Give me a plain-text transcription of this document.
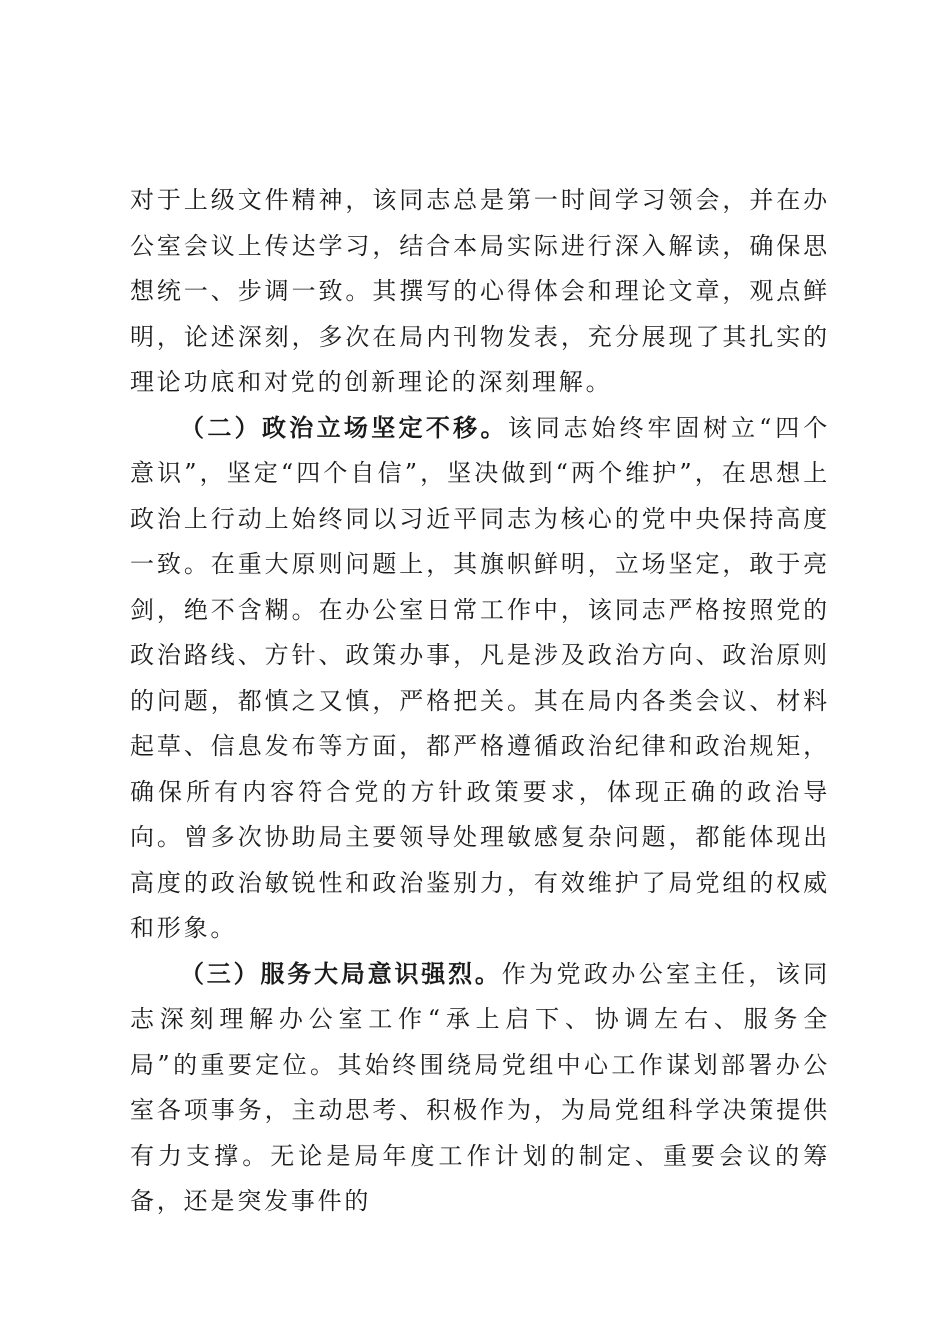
对于上级文件精神，该同志总是第一时间学习领会，并在办公室会议上传达学习，结合本局实际进行深入解读，确保思想统一、步调一致。其撰写的心得体会和理论文章，观点鲜明，论述深刻，多次在局内刊物发表，充分展现了其扎实的理论功底和对党的创新理论的深刻理解。

（二）政治立场坚定不移。该同志始终牢固树立“四个意识”，坚定“四个自信”，坚决做到“两个维护”，在思想上政治上行动上始终同以习近平同志为核心的党中央保持高度一致。在重大原则问题上，其旗帜鲜明，立场坚定，敢于亮剑，绝不含糊。在办公室日常工作中，该同志严格按照党的政治路线、方针、政策办事，凡是涉及政治方向、政治原则的问题，都慎之又慎，严格把关。其在局内各类会议、材料起草、信息发布等方面，都严格遵循政治纪律和政治规矩，确保所有内容符合党的方针政策要求，体现正确的政治导向。曾多次协助局主要领导处理敏感复杂问题，都能体现出高度的政治敏锐性和政治鉴别力，有效维护了局党组的权威和形象。

（三）服务大局意识强烈。作为党政办公室主任，该同志深刻理解办公室工作“承上启下、协调左右、服务全局”的重要定位。其始终围绕局党组中心工作谋划部署办公室各项事务，主动思考、积极作为，为局党组科学决策提供有力支撑。无论是局年度工作计划的制定、重要会议的筹备，还是突发事件的
